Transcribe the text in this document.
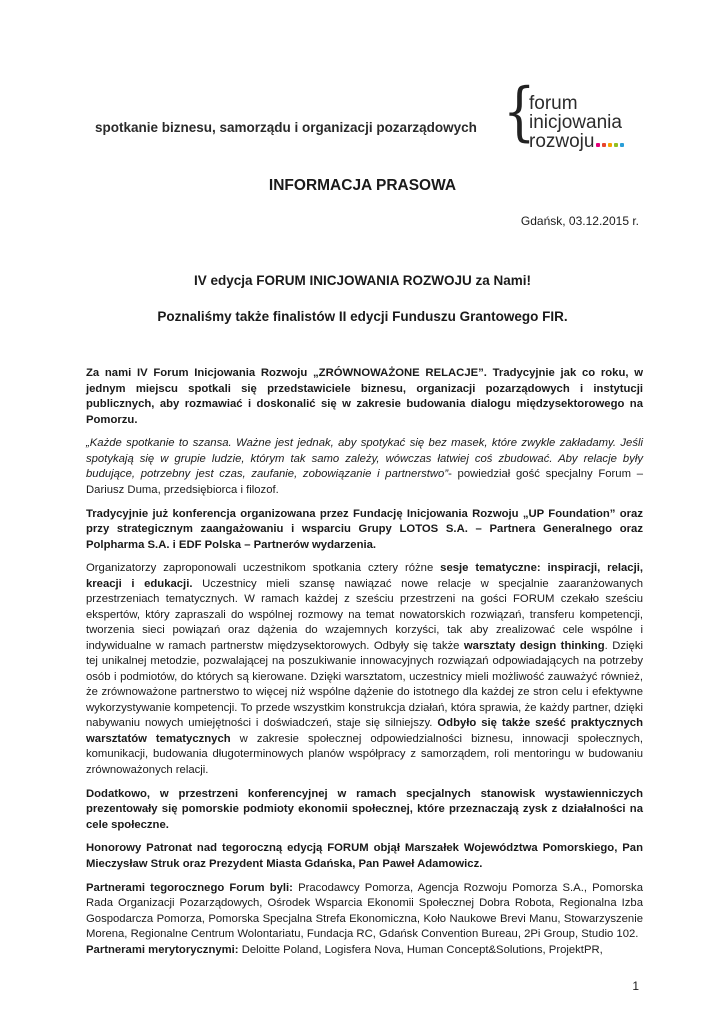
spotkanie biznesu, samorządu i organizacji pozarządowych {
forum
inicjowania
rozwoju
INFORMACJA PRASOWA
Gdańsk, 03.12.2015 r.
IV edycja FORUM INICJOWANIA ROZWOJU za Nami!
Poznaliśmy także finalistów II edycji Funduszu Grantowego FIR.

Za nami IV Forum Inicjowania Rozwoju „ZRÓWNOWAŻONE RELACJE”. Tradycyjnie jak co roku, w jednym miejscu spotkali się przedstawiciele biznesu, organizacji pozarządowych i instytucji publicznych, aby rozmawiać i doskonalić się w zakresie budowania dialogu międzysektorowego na Pomorzu.

„Każde spotkanie to szansa. Ważne jest jednak, aby spotykać się bez masek, które zwykle zakładamy. Jeśli spotykają się w grupie ludzie, którym tak samo zależy, wówczas łatwiej coś zbudować. Aby relacje były budujące, potrzebny jest czas, zaufanie, zobowiązanie i partnerstwo”- powiedział gość specjalny Forum – Dariusz Duma, przedsiębiorca i filozof.

Tradycyjnie już konferencja organizowana przez Fundację Inicjowania Rozwoju „UP Foundation” oraz przy strategicznym zaangażowaniu i wsparciu Grupy LOTOS S.A. – Partnera Generalnego oraz Polpharma S.A. i EDF Polska – Partnerów wydarzenia.

Organizatorzy zaproponowali uczestnikom spotkania cztery różne sesje tematyczne: inspiracji, relacji, kreacji i edukacji. Uczestnicy mieli szansę nawiązać nowe relacje w specjalnie zaaranżowanych przestrzeniach tematycznych. W ramach każdej z sześciu przestrzeni na gości FORUM czekało sześciu ekspertów, który zapraszali do wspólnej rozmowy na temat nowatorskich rozwiązań, transferu kompetencji, tworzenia sieci powiązań oraz dążenia do wzajemnych korzyści, tak aby zrealizować cele wspólne i indywidualne w ramach partnerstw międzysektorowych. Odbyły się także warsztaty design thinking. Dzięki tej unikalnej metodzie, pozwalającej na poszukiwanie innowacyjnych rozwiązań odpowiadających na potrzeby osób i podmiotów, do których są kierowane. Dzięki warsztatom, uczestnicy mieli możliwość zauważyć również, że zrównoważone partnerstwo to więcej niż wspólne dążenie do istotnego dla każdej ze stron celu i efektywne wykorzystywanie kompetencji. To przede wszystkim konstrukcja działań, która sprawia, że każdy partner, dzięki nabywaniu nowych umiejętności i doświadczeń, staje się silniejszy. Odbyło się także sześć praktycznych warsztatów tematycznych w zakresie społecznej odpowiedzialności biznesu, innowacji społecznych, komunikacji, budowania długoterminowych planów współpracy z samorządem, roli mentoringu w budowaniu zrównoważonych relacji.

Dodatkowo, w przestrzeni konferencyjnej w ramach specjalnych stanowisk wystawienniczych prezentowały się pomorskie podmioty ekonomii społecznej, które przeznaczają zysk z działalności na cele społeczne.

Honorowy Patronat nad tegoroczną edycją FORUM objął Marszałek Województwa Pomorskiego, Pan Mieczysław Struk oraz Prezydent Miasta Gdańska, Pan Paweł Adamowicz.

Partnerami tegorocznego Forum byli: Pracodawcy Pomorza, Agencja Rozwoju Pomorza S.A., Pomorska Rada Organizacji Pozarządowych, Ośrodek Wsparcia Ekonomii Społecznej Dobra Robota, Regionalna Izba Gospodarcza Pomorza, Pomorska Specjalna Strefa Ekonomiczna, Koło Naukowe Brevi Manu, Stowarzyszenie Morena, Regionalne Centrum Wolontariatu, Fundacja RC, Gdańsk Convention Bureau, 2Pi Group, Studio 102.

Partnerami merytorycznymi: Deloitte Poland, Logisfera Nova, Human Concept&Solutions, ProjektPR,

1
